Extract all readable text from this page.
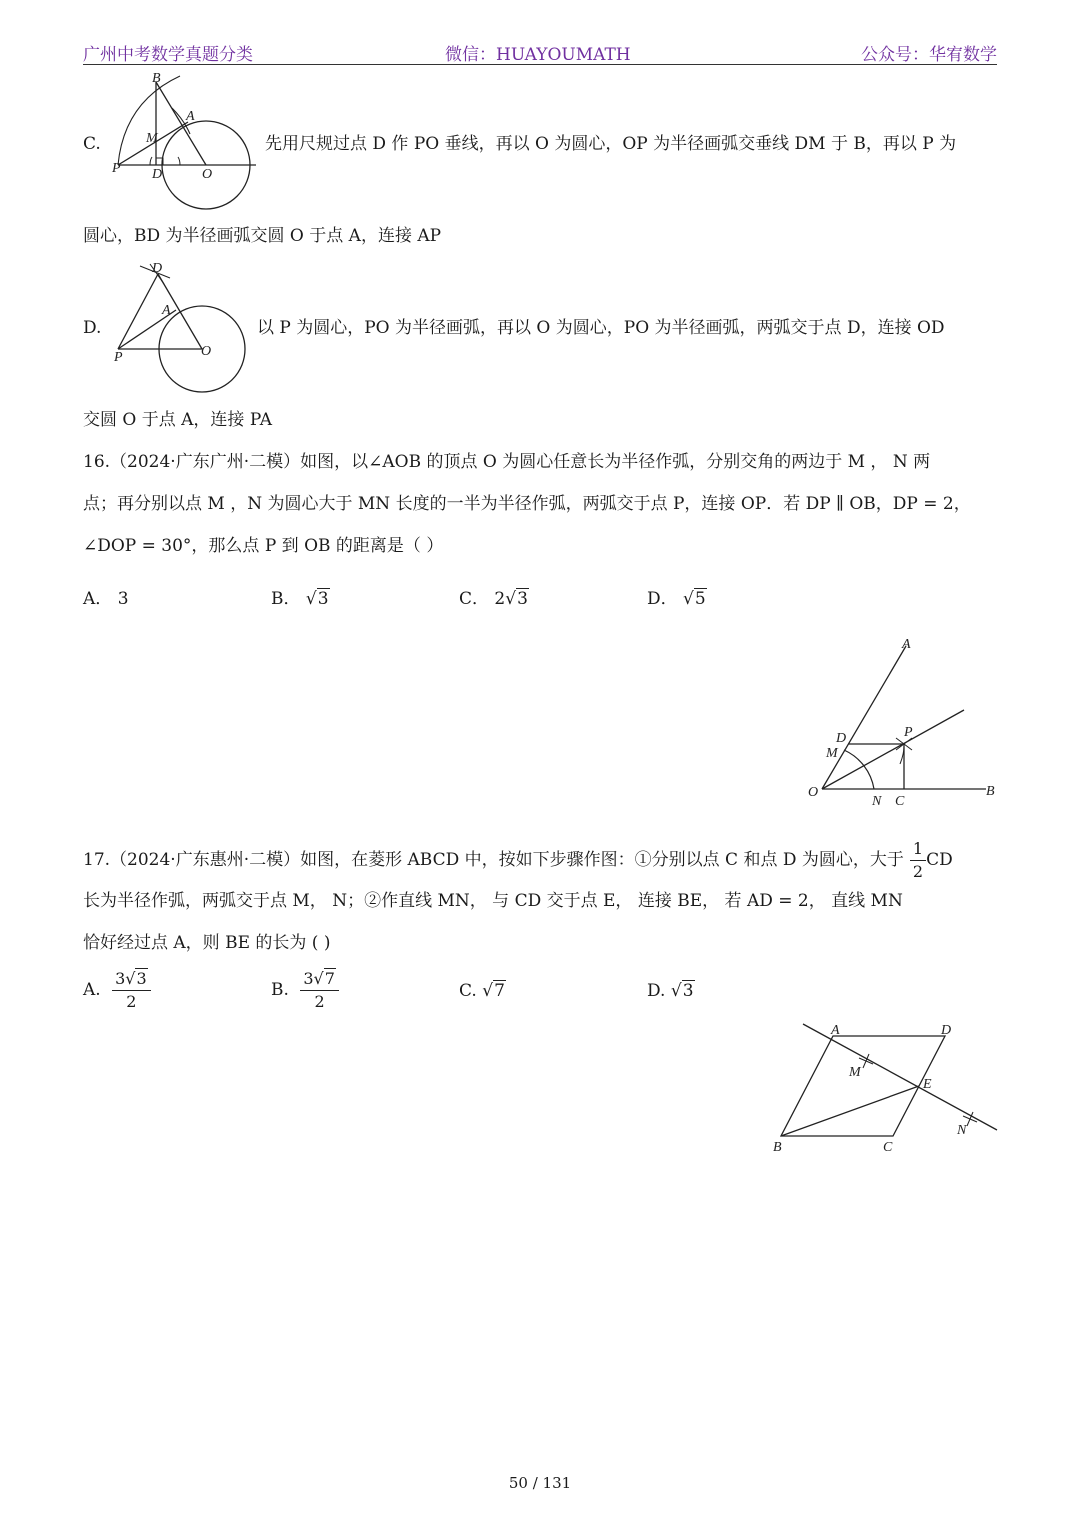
广州中考数学真题分类	微信：HUAYOUMATH	公众号：华宥数学
C.
B
A
M
P D	O
先用尺规过点 D 作 PO 垂线，再以 O 为圆心，OP 为半径画弧交垂线 DM 于 B，再以 P 为
圆心，BD 为半径画弧交圆 O 于点 A，连接 AP
D.
D
A
P	O
以 P 为圆心，PO 为半径画弧，再以 O 为圆心，PO 为半径画弧，两弧交于点 D，连接 OD
交圆 O 于点 A，连接 PA
16.（2024·广东广州·二模）如图，以∠AOB 的顶点 O 为圆心任意长为半径作弧，分别交角的两边于 M ， N 两
点；再分别以点 M ，N 为圆心大于 MN 长度的一半为半径作弧，两弧交于点 P，连接 OP．若 DP ∥ OB，DP = 2，
∠DOP = 30°，那么点 P 到 OB 的距离是（ ）
A． 3	B． √3	C． 2√3	D． √5
A
D	P
M
O
N C
B
17.（2024·广东惠州·二模）如图，在菱形 ABCD 中，按如下步骤作图：①分别以点 C 和点 D 为圆心，大于 $\frac{1}{2}$ CD
长为半径作弧，两弧交于点 M， N；②作直线 MN， 与 CD 交于点 E， 连接 BE， 若 AD = 2， 直线 MN
恰好经过点 A，则 BE 的长为 ( )
A. $\frac{3√3}{2}$	B. $\frac{3√7}{2}$	C. √7	D. √3
A	D
M
E
N
B	C
50 / 131
